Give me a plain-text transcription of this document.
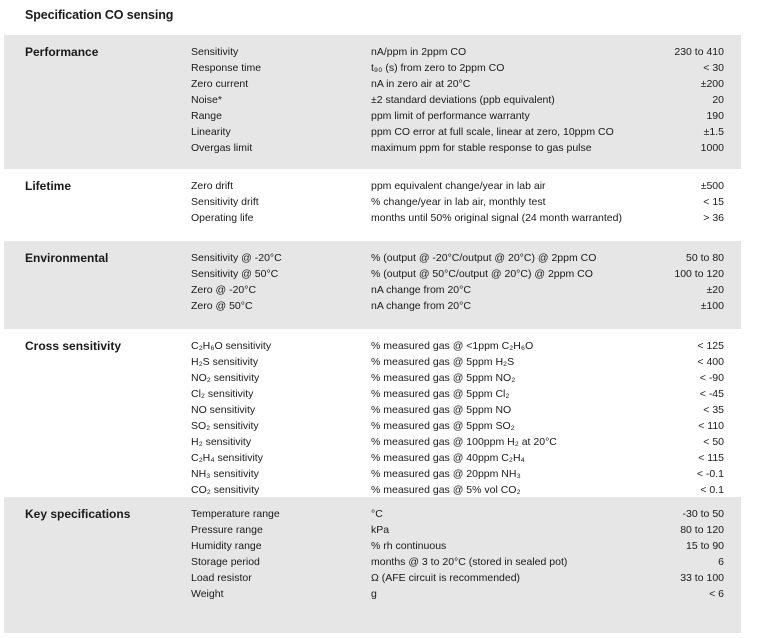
Specification CO sensing
Performance	Sensitivity	nA/ppm in 2ppm CO	230 to 410
Response time	t₉₀ (s) from zero to 2ppm CO	< 30
Zero current	nA in zero air at 20°C	±200
Noise*	±2 standard deviations (ppb equivalent)	20
Range	ppm limit of performance warranty	190
Linearity	ppm CO error at full scale, linear at zero, 10ppm CO	±1.5
Overgas limit	maximum ppm for stable response to gas pulse	1000
Lifetime	Zero drift	ppm equivalent change/year in lab air	±500
Sensitivity drift	% change/year in lab air, monthly test	< 15
Operating life	months until 50% original signal (24 month warranted)	> 36
Environmental	Sensitivity @ -20°C	% (output @ -20°C/output @ 20°C) @ 2ppm CO	50 to 80
Sensitivity @ 50°C	% (output @ 50°C/output @ 20°C) @ 2ppm CO	100 to 120
Zero @ -20°C	nA change from 20°C	±20
Zero @ 50°C	nA change from 20°C	±100
Cross sensitivity	C₂H₆O sensitivity	% measured gas @ <1ppm C₂H₆O	< 125
H₂S sensitivity	% measured gas @ 5ppm H₂S	< 400
NO₂ sensitivity	% measured gas @ 5ppm NO₂	< -90
Cl₂ sensitivity	% measured gas @ 5ppm Cl₂	< -45
NO sensitivity	% measured gas @ 5ppm NO	< 35
SO₂ sensitivity	% measured gas @ 5ppm SO₂	< 110
H₂ sensitivity	% measured gas @ 100ppm H₂ at 20°C	< 50
C₂H₄ sensitivity	% measured gas @ 40ppm C₂H₄	< 115
NH₃ sensitivity	% measured gas @ 20ppm NH₃	< -0.1
CO₂ sensitivity	% measured gas @ 5% vol CO₂	< 0.1
Key specifications	Temperature range	°C	-30 to 50
Pressure range	kPa	80 to 120
Humidity range	% rh continuous	15 to 90
Storage period	months @ 3 to 20°C (stored in sealed pot)	6
Load resistor	Ω (AFE circuit is recommended)	33 to 100
Weight	g	< 6
